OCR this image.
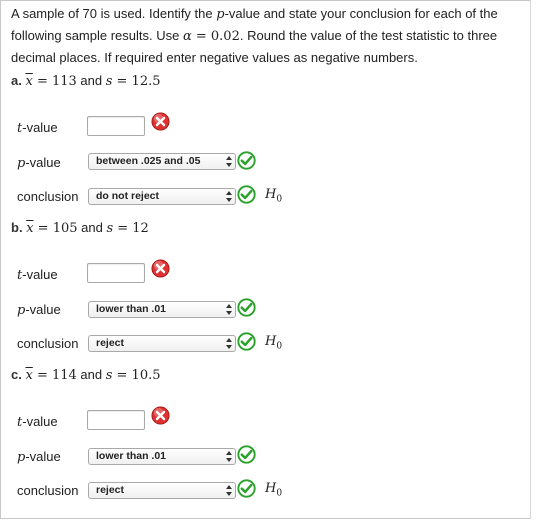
A sample of 70 is used. Identify the p-value and state your conclusion for each of the following sample results. Use α = 0.02. Round the value of the test statistic to three decimal places. If required enter negative values as negative numbers.
a. $\overline{x} = 113$ and s = 12.5
t-value
p-value	between .025 and .05
conclusion	do not reject	$H_0$
b. $\overline{x} = 105$ and s = 12
t-value
p-value	lower than .01
conclusion	reject	$H_0$
c. $\overline{x} = 114$ and s = 10.5
t-value
p-value	lower than .01
conclusion	reject	$H_0$
